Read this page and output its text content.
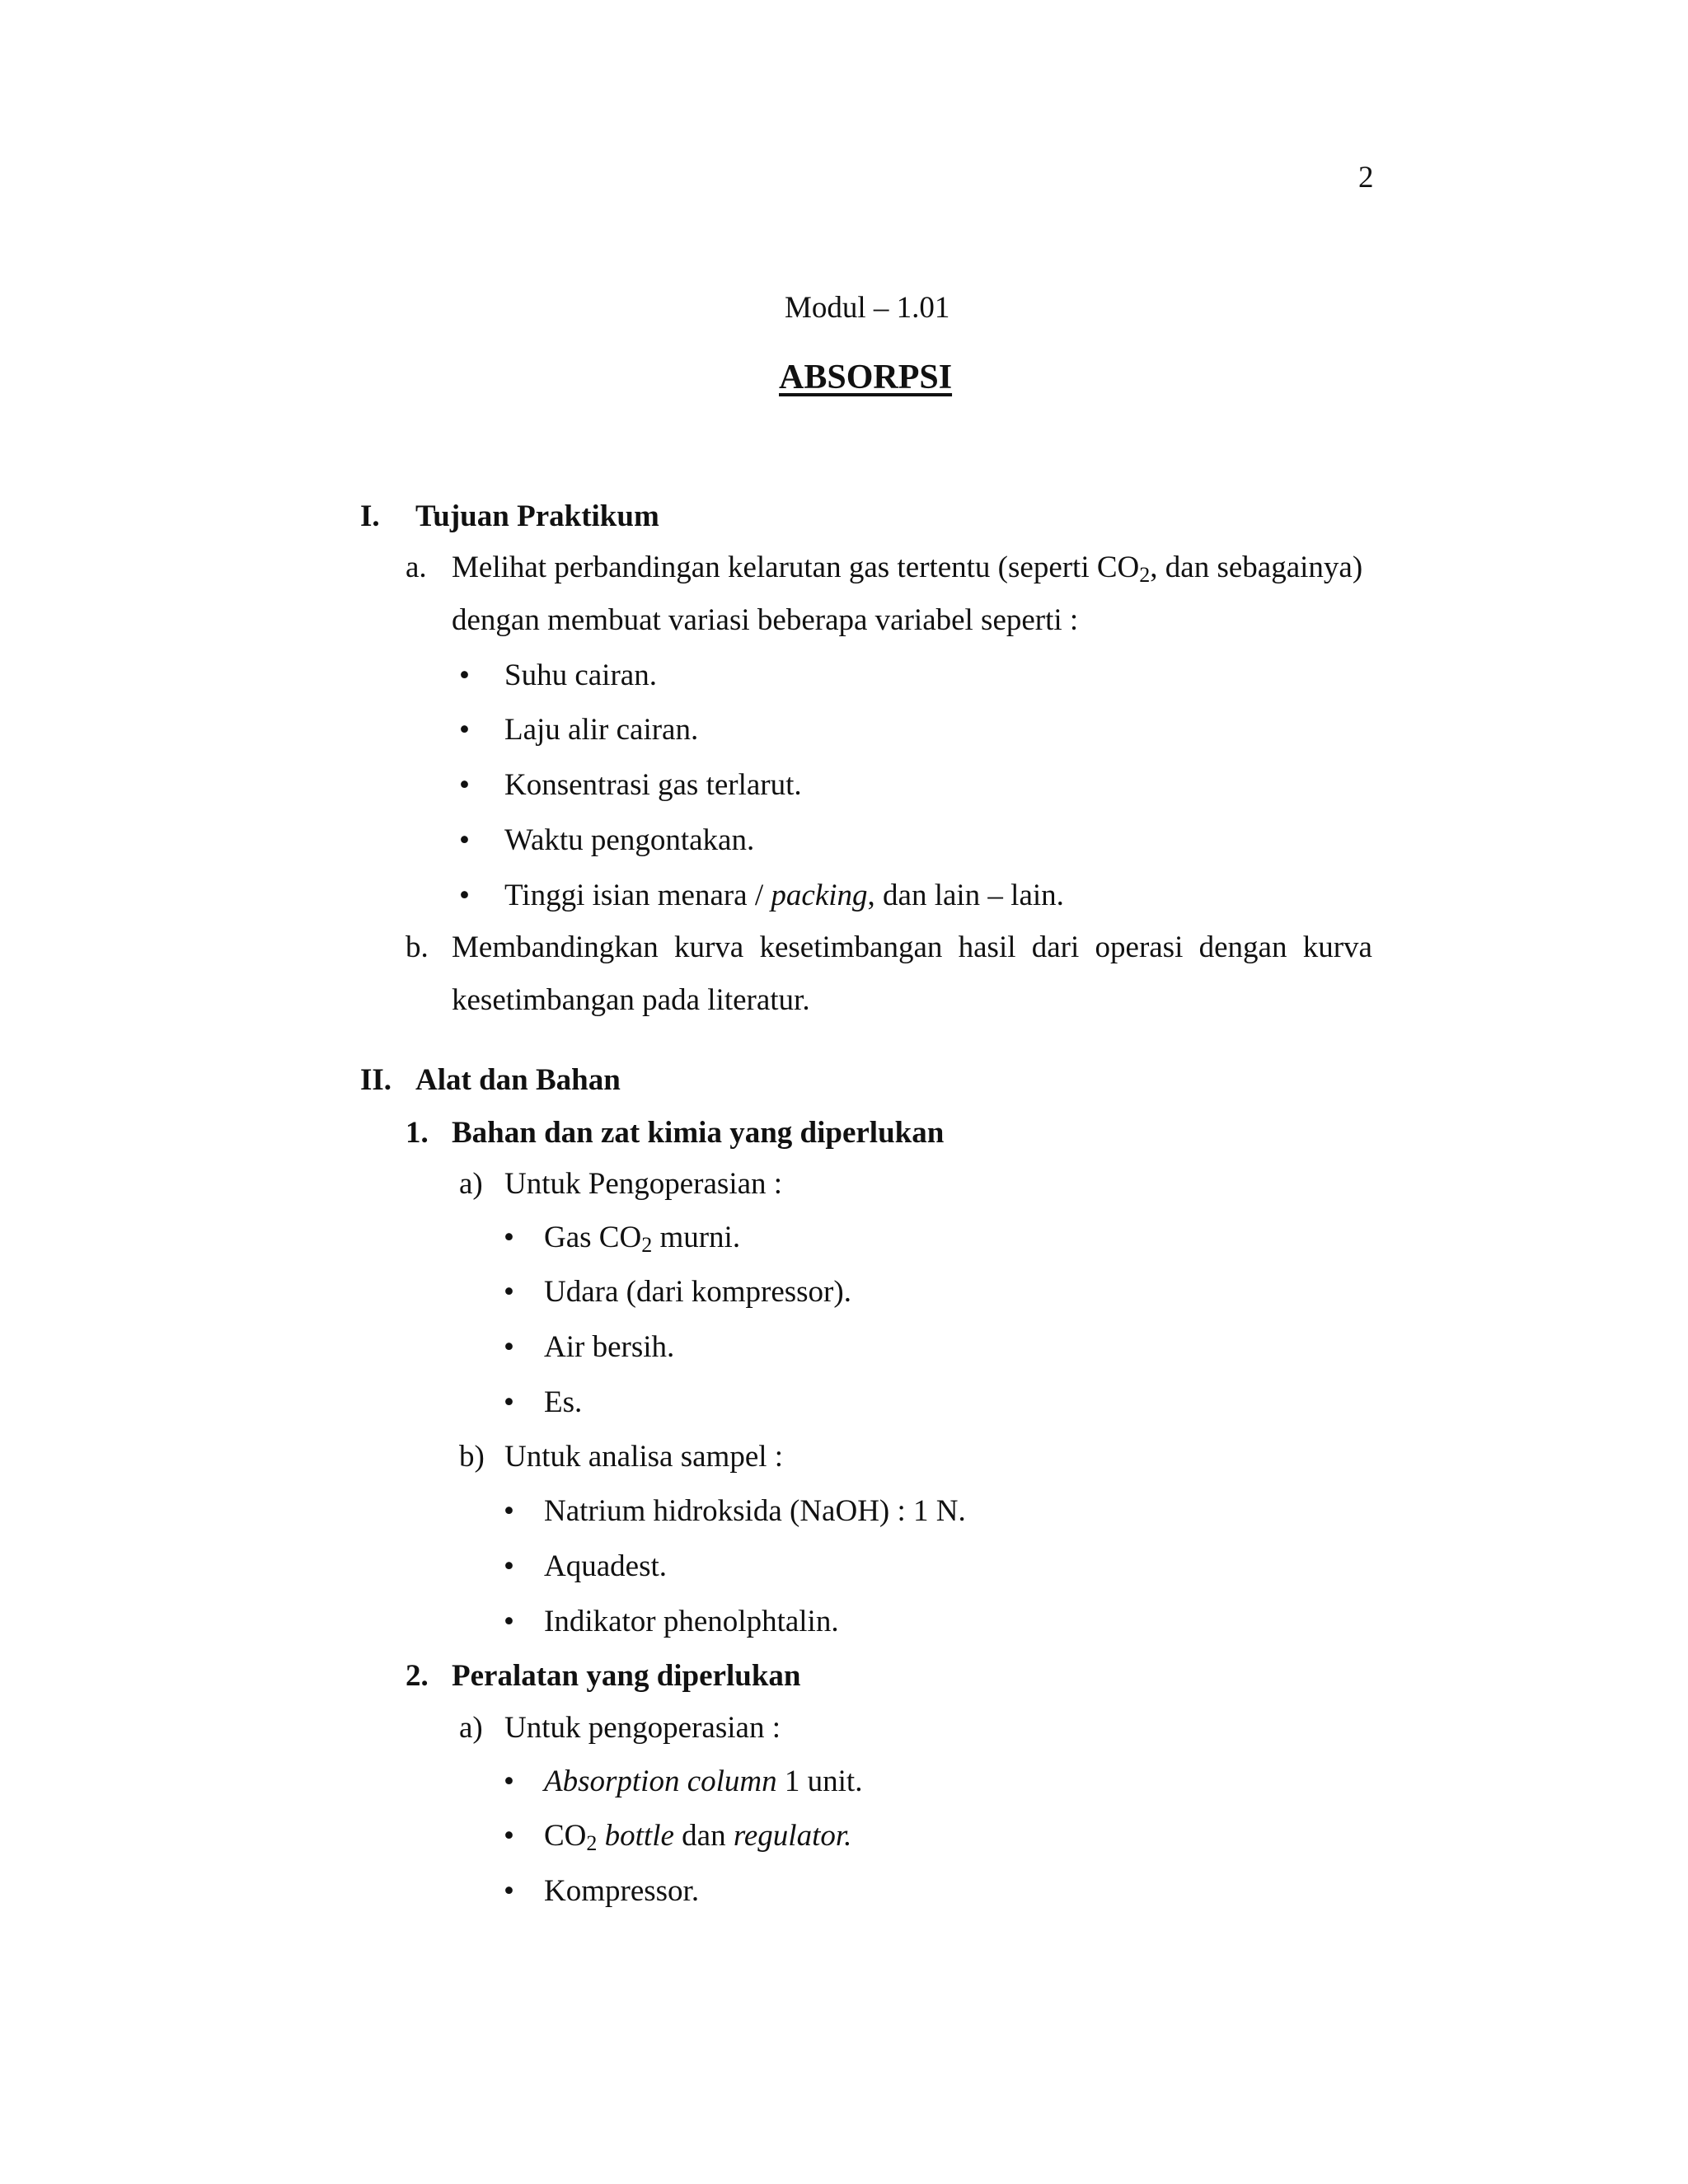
2
Modul – 1.01
ABSORPSI
I. Tujuan Praktikum
a. Melihat perbandingan kelarutan gas tertentu (seperti $CO_2$, dan sebagainya)
dengan membuat variasi beberapa variabel seperti :
• Suhu cairan.
• Laju alir cairan.
• Konsentrasi gas terlarut.
• Waktu pengontakan.
• Tinggi isian menara / packing, dan lain – lain.
b. Membandingkan kurva kesetimbangan hasil dari operasi dengan kurva
kesetimbangan pada literatur.
II. Alat dan Bahan
1. Bahan dan zat kimia yang diperlukan
a) Untuk Pengoperasian :
• Gas $CO_2$ murni.
• Udara (dari kompressor).
• Air bersih.
• Es.
b) Untuk analisa sampel :
• Natrium hidroksida (NaOH) : 1 N.
• Aquadest.
• Indikator phenolphtalin.
2. Peralatan yang diperlukan
a) Untuk pengoperasian :
• Absorption column 1 unit.
• $CO_2$ bottle dan regulator.
• Kompressor.
